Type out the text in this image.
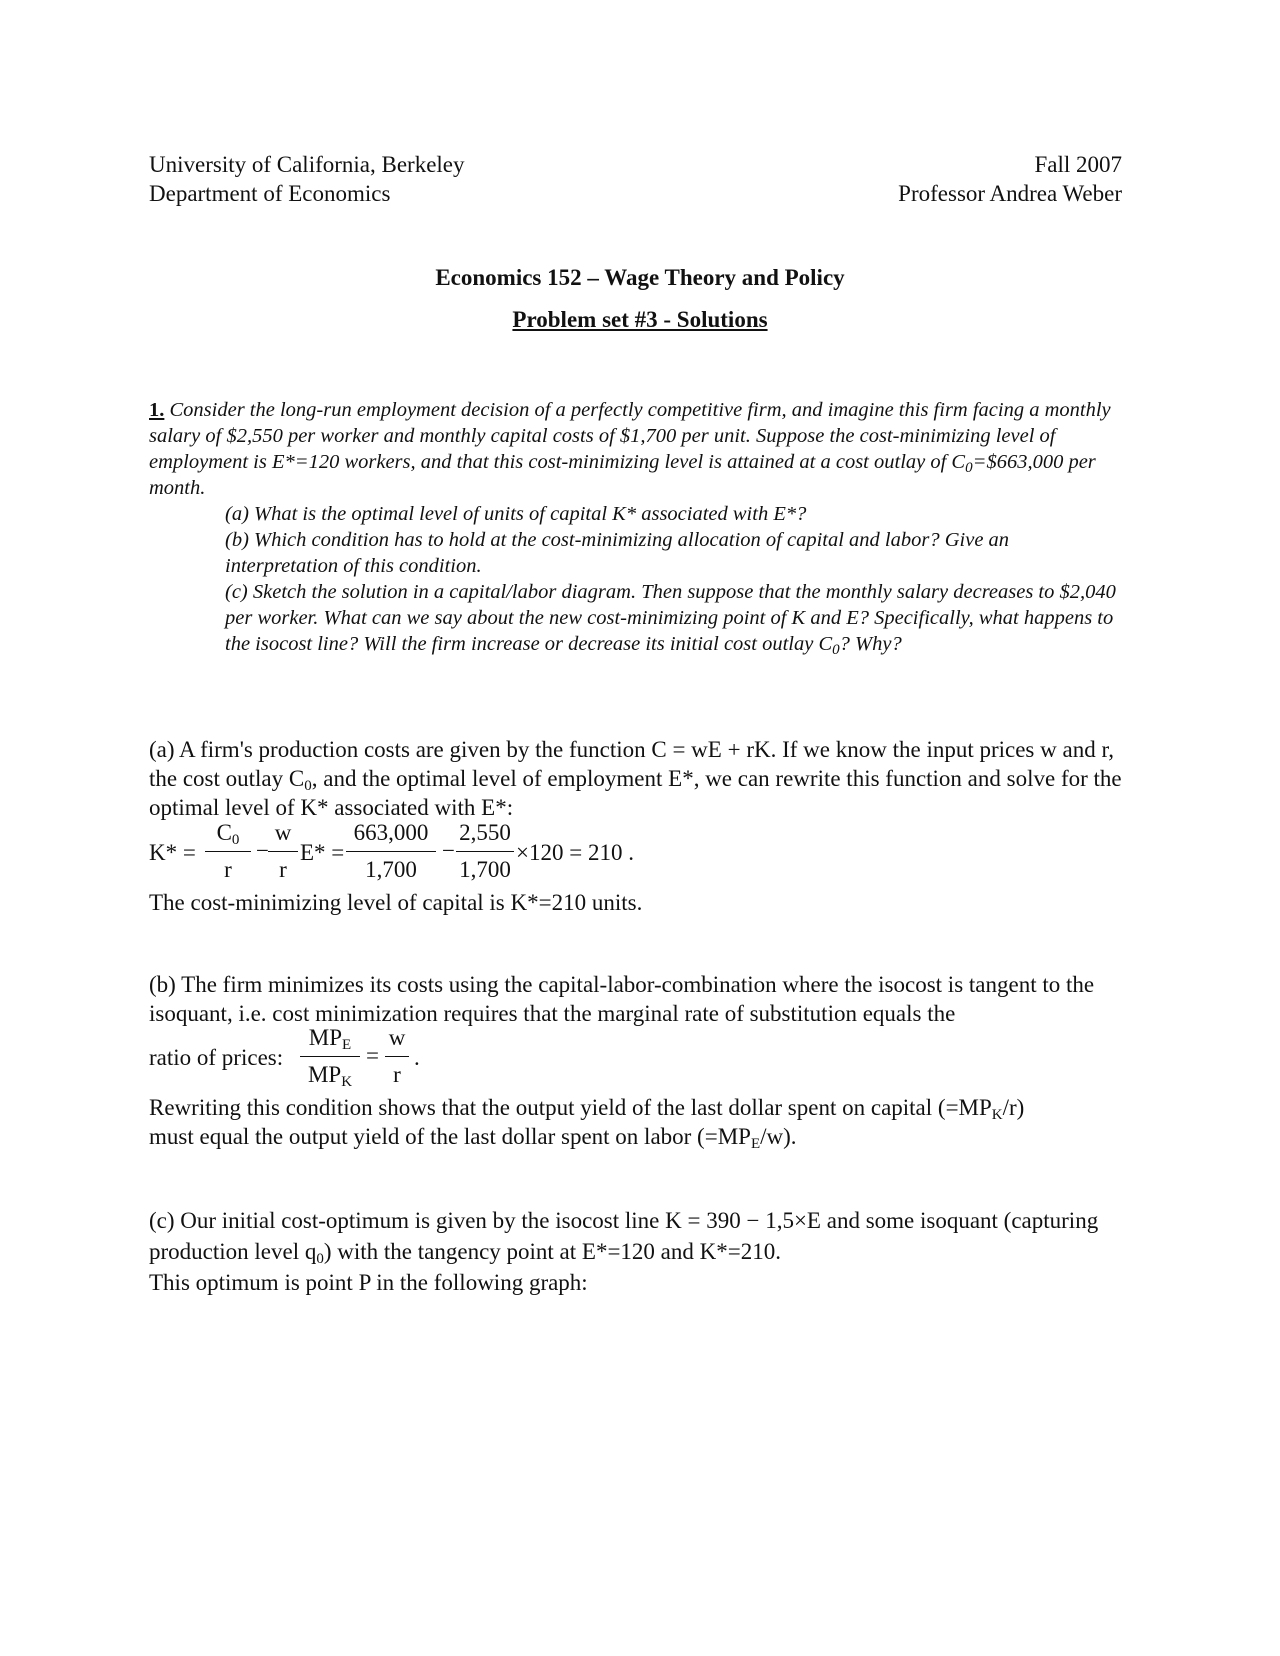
University of California, Berkeley
Department of Economics
Fall 2007
Professor Andrea Weber
Economics 152 – Wage Theory and Policy
Problem set #3 - Solutions
1. Consider the long-run employment decision of a perfectly competitive firm, and imagine this firm facing a monthly salary of $2,550 per worker and monthly capital costs of $1,700 per unit. Suppose the cost-minimizing level of employment is E*=120 workers, and that this cost-minimizing level is attained at a cost outlay of $C_0=\$663,000$ per month.
(a) What is the optimal level of units of capital K* associated with E*?
(b) Which condition has to hold at the cost-minimizing allocation of capital and labor? Give an interpretation of this condition.
(c) Sketch the solution in a capital/labor diagram. Then suppose that the monthly salary decreases to $2,040 per worker. What can we say about the new cost-minimizing point of K and E? Specifically, what happens to the isocost line? Will the firm increase or decrease its initial cost outlay $C_0$? Why?
(a) A firm's production costs are given by the function C = wE + rK. If we know the input prices w and r, the cost outlay $C_0$, and the optimal level of employment E*, we can rewrite this function and solve for the optimal level of K* associated with E*:
K* =
$C_0$
r
−
w
r
E* =
663,000
1,700
−
2,550
1,700
×120 = 210 .
The cost-minimizing level of capital is K*=210 units.
(b) The firm minimizes its costs using the capital-labor-combination where the isocost is tangent to the isoquant, i.e. cost minimization requires that the marginal rate of substitution equals the
ratio of prices:
$MP_E$
$MP_K$
=
w
r
.
Rewriting this condition shows that the output yield of the last dollar spent on capital $(=MP_K/r)$
must equal the output yield of the last dollar spent on labor $(=MP_E/w)$.
(c) Our initial cost-optimum is given by the isocost line K = 390 − 1,5×E and some isoquant (capturing production level $q_0$) with the tangency point at E*=120 and K*=210.
This optimum is point P in the following graph:
